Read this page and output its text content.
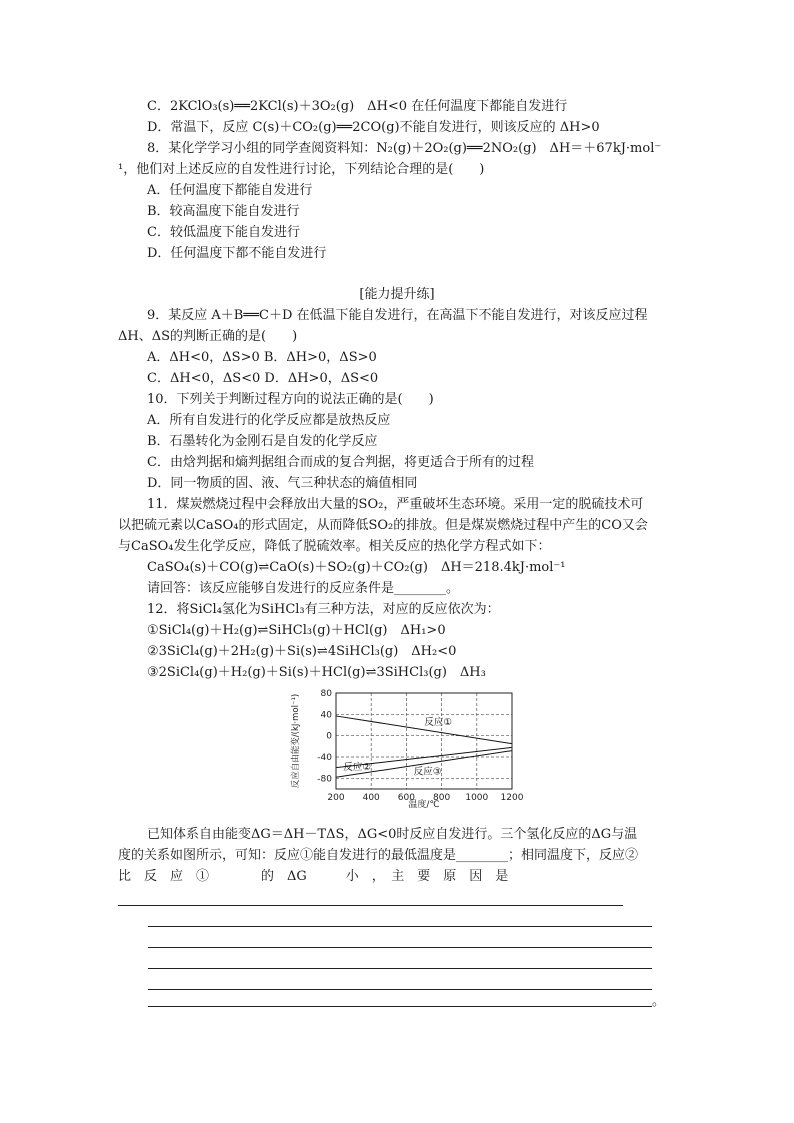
C．2KClO₃(s)══2KCl(s)＋3O₂(g)　ΔH<0 在任何温度下都能自发进行
D．常温下，反应 C(s)＋CO₂(g)══2CO(g)不能自发进行，则该反应的 ΔH>0
8．某化学学习小组的同学查阅资料知：N₂(g)＋2O₂(g)══2NO₂(g)　ΔH＝＋67kJ·mol⁻
¹，他们对上述反应的自发性进行讨论，下列结论合理的是(　　)
A．任何温度下都能自发进行
B．较高温度下能自发进行
C．较低温度下能自发进行
D．任何温度下都不能自发进行
[能力提升练]
9．某反应 A＋B══C＋D 在低温下能自发进行，在高温下不能自发进行，对该反应过程
ΔH、ΔS的判断正确的是(　　)
A．ΔH<0，ΔS>0 B．ΔH>0，ΔS>0
C．ΔH<0，ΔS<0 D．ΔH>0，ΔS<0
10．下列关于判断过程方向的说法正确的是(　　)
A．所有自发进行的化学反应都是放热反应
B．石墨转化为金刚石是自发的化学反应
C．由焓判据和熵判据组合而成的复合判据，将更适合于所有的过程
D．同一物质的固、液、气三种状态的熵值相同
11．煤炭燃烧过程中会释放出大量的SO₂，严重破坏生态环境。采用一定的脱硫技术可
以把硫元素以CaSO₄的形式固定，从而降低SO₂的排放。但是煤炭燃烧过程中产生的CO又会
与CaSO₄发生化学反应，降低了脱硫效率。相关反应的热化学方程式如下：
CaSO₄(s)＋CO(g)⇌CaO(s)＋SO₂(g)＋CO₂(g)　ΔH＝218.4kJ·mol⁻¹
请回答：该反应能够自发进行的反应条件是________。
12．将SiCl₄氢化为SiHCl₃有三种方法，对应的反应依次为：
①SiCl₄(g)＋H₂(g)⇌SiHCl₃(g)＋HCl(g)　ΔH₁>0
②3SiCl₄(g)＋2H₂(g)＋Si(s)⇌4SiHCl₃(g)　ΔH₂<0
③2SiCl₄(g)＋H₂(g)＋Si(s)＋HCl(g)⇌3SiHCl₃(g)　ΔH₃
反应①
反应②	反应③
80
40
0
-40
-80
200 400 600 800 1000 1200
反应自由能变/(kJ·mol⁻¹)
温度/℃
已知体系自由能变ΔG＝ΔH－TΔS，ΔG<0时反应自发进行。三个氢化反应的ΔG与温
度的关系如图所示，可知：反应①能自发进行的最低温度是________；相同温度下，反应②
比　反　应　①　　　　的　ΔG　　　小　，　主　要　原　因　是
。
